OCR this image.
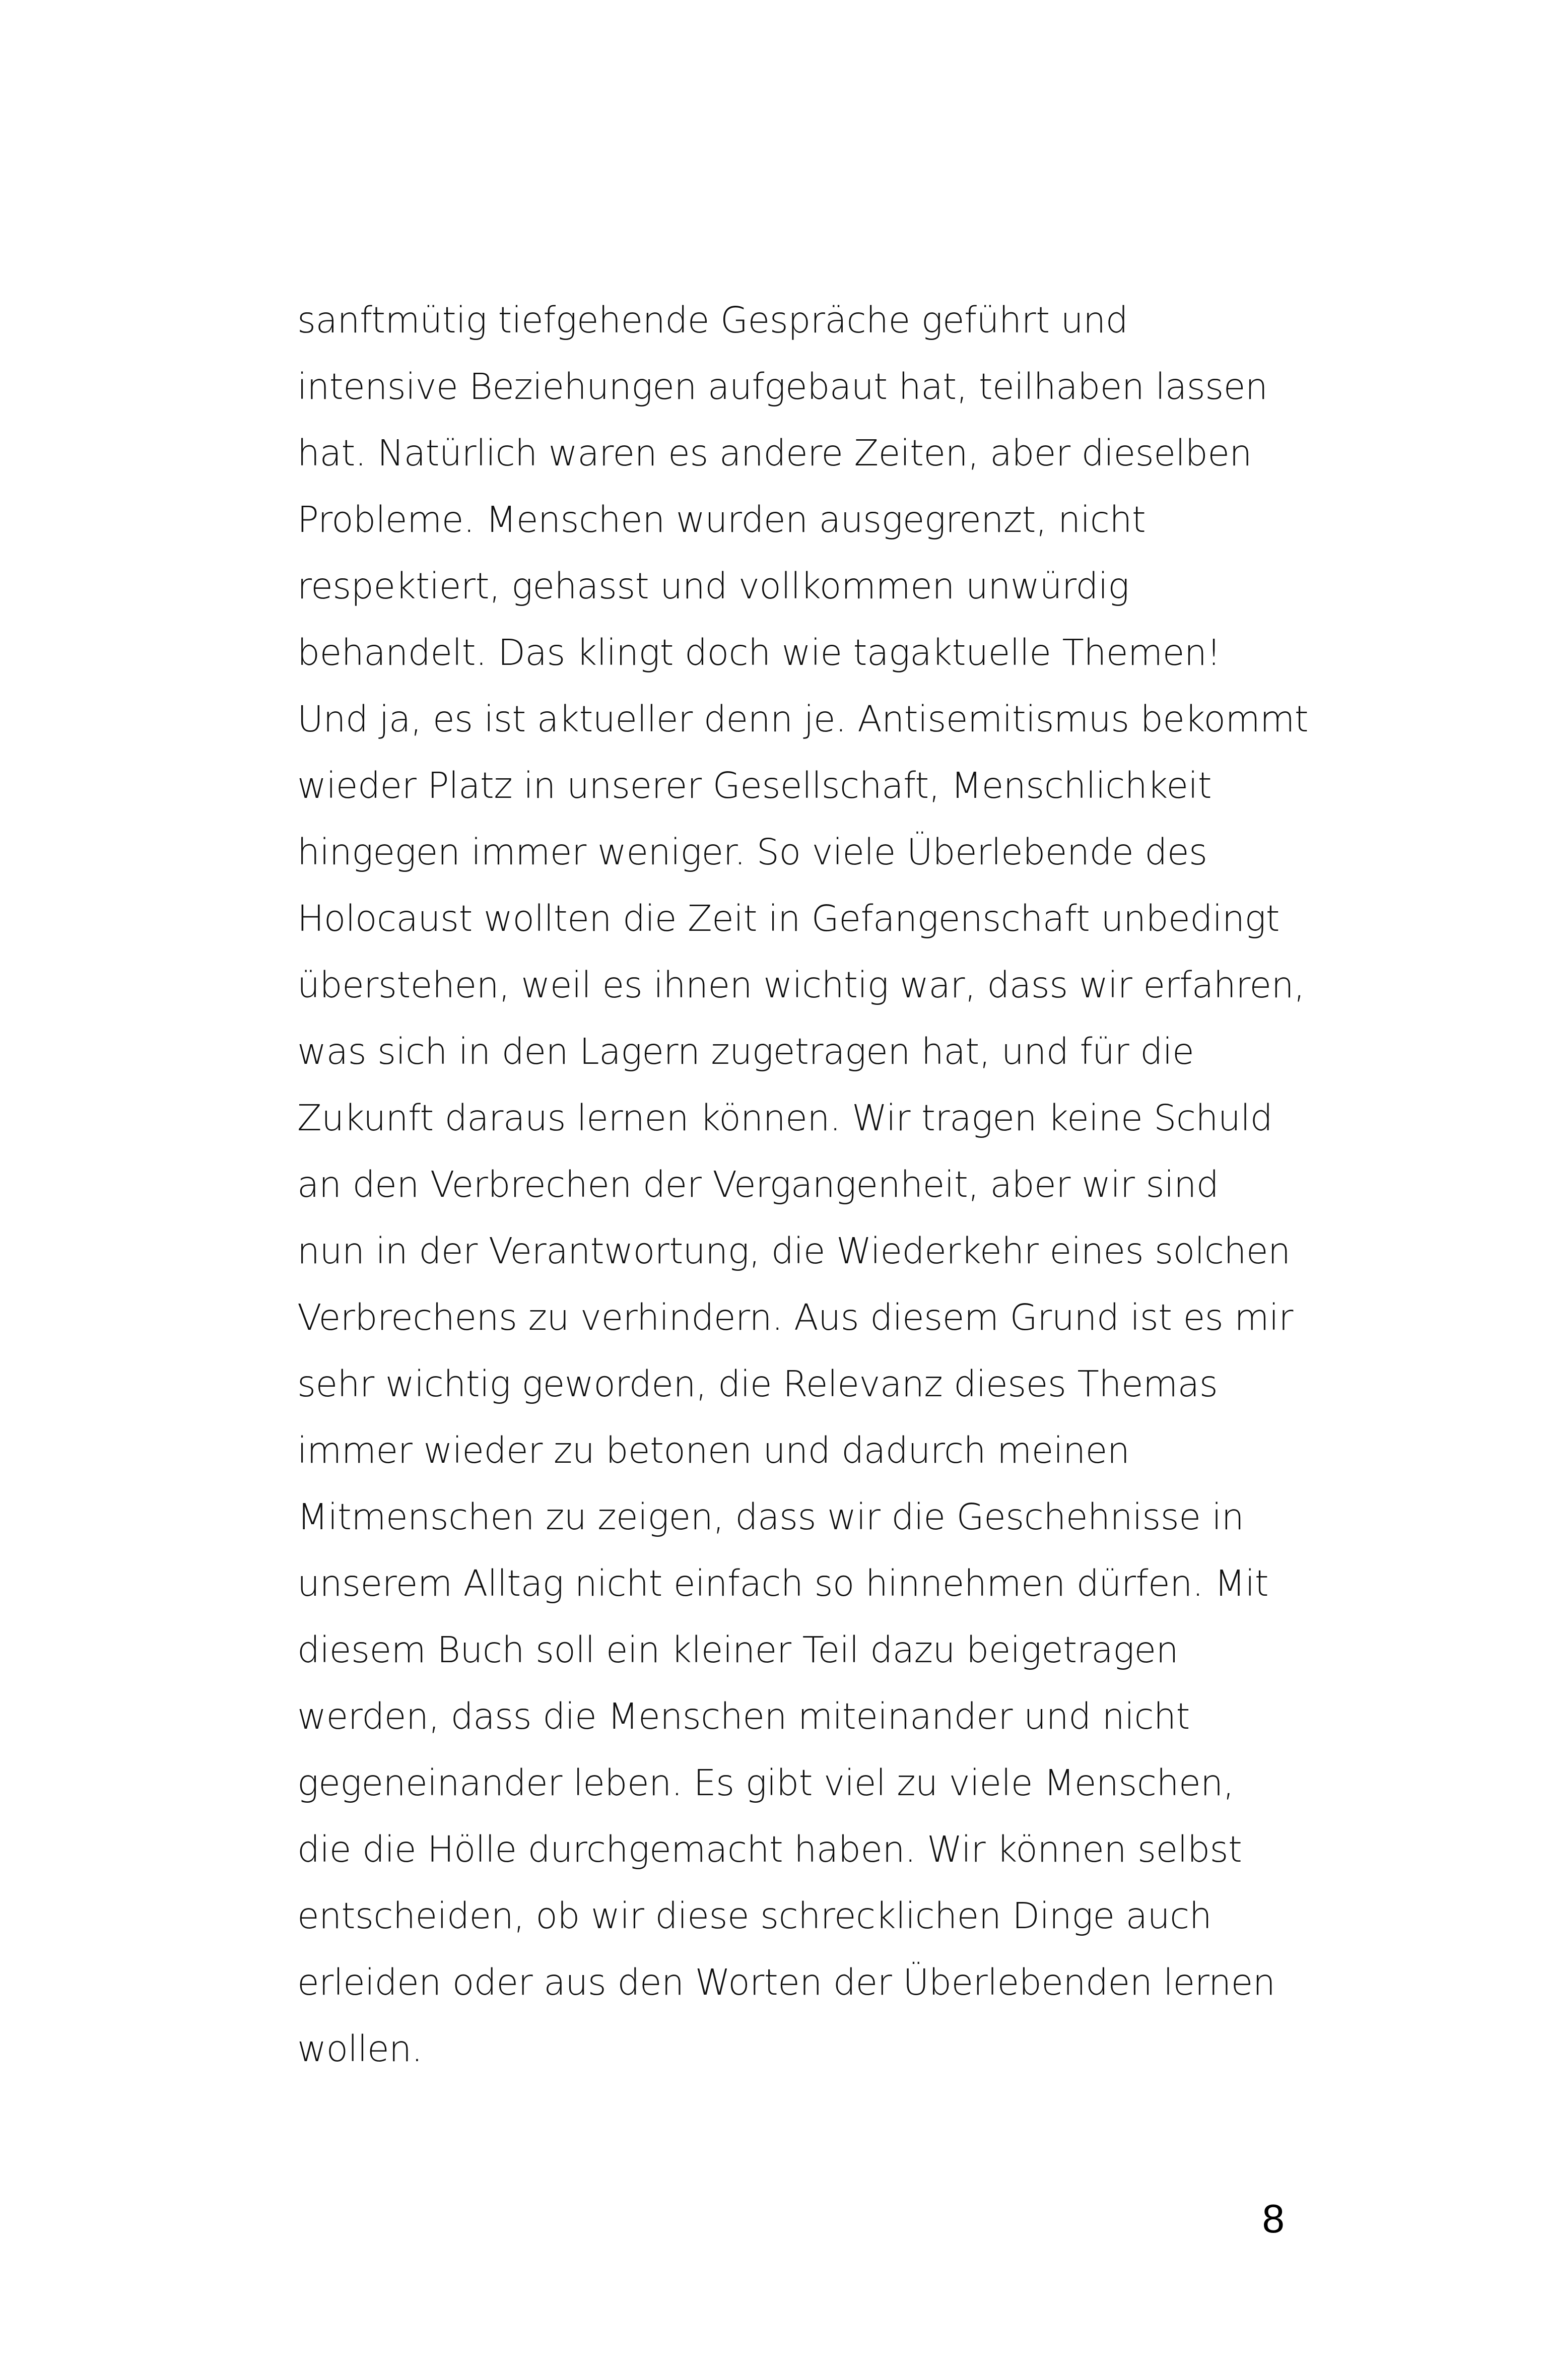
sanftmütig tiefgehende Gespräche geführt und
intensive Beziehungen aufgebaut hat, teilhaben lassen
hat. Natürlich waren es andere Zeiten, aber dieselben
Probleme. Menschen wurden ausgegrenzt, nicht
respektiert, gehasst und vollkommen unwürdig
behandelt. Das klingt doch wie tagaktuelle Themen!
Und ja, es ist aktueller denn je. Antisemitismus bekommt
wieder Platz in unserer Gesellschaft, Menschlichkeit
hingegen immer weniger. So viele Überlebende des
Holocaust wollten die Zeit in Gefangenschaft unbedingt
überstehen, weil es ihnen wichtig war, dass wir erfahren,
was sich in den Lagern zugetragen hat, und für die
Zukunft daraus lernen können. Wir tragen keine Schuld
an den Verbrechen der Vergangenheit, aber wir sind
nun in der Verantwortung, die Wiederkehr eines solchen
Verbrechens zu verhindern. Aus diesem Grund ist es mir
sehr wichtig geworden, die Relevanz dieses Themas
immer wieder zu betonen und dadurch meinen
Mitmenschen zu zeigen, dass wir die Geschehnisse in
unserem Alltag nicht einfach so hinnehmen dürfen. Mit
diesem Buch soll ein kleiner Teil dazu beigetragen
werden, dass die Menschen miteinander und nicht
gegeneinander leben. Es gibt viel zu viele Menschen,
die die Hölle durchgemacht haben. Wir können selbst
entscheiden, ob wir diese schrecklichen Dinge auch
erleiden oder aus den Worten der Überlebenden lernen
wollen.
8
